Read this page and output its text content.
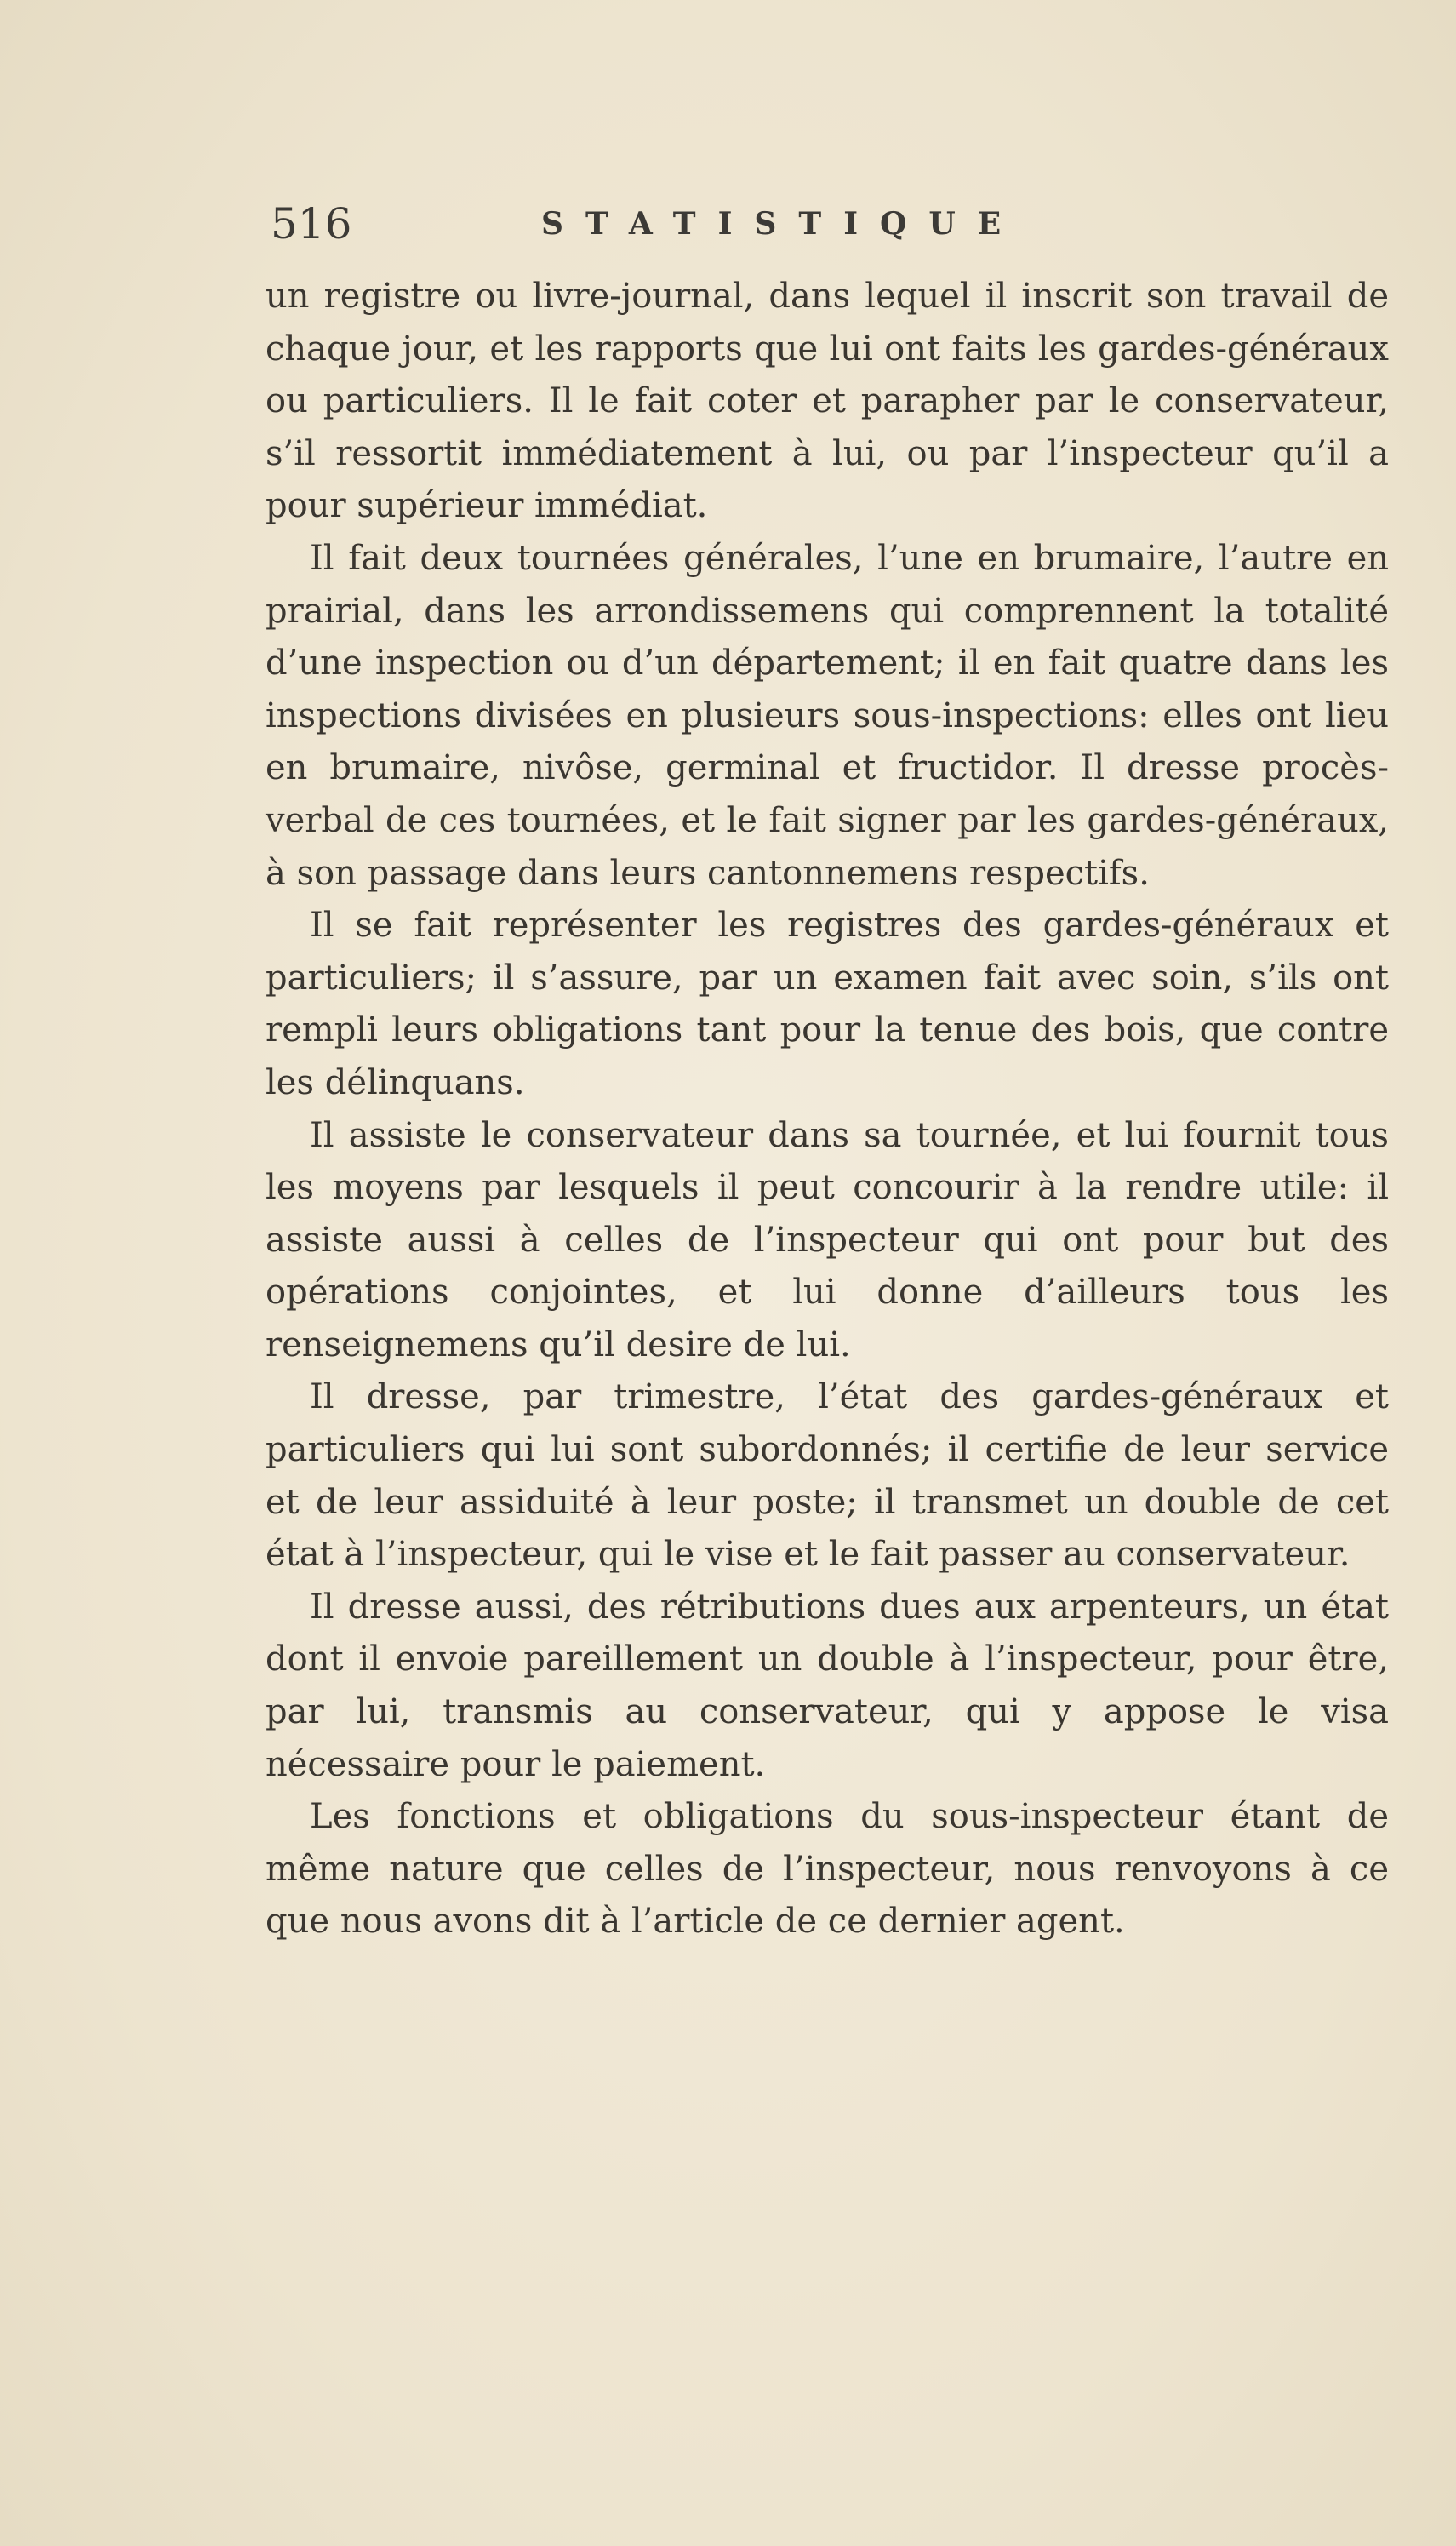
516	STATISTIQUE

un registre ou livre-journal, dans lequel il inscrit son travail de chaque jour, et les rapports que lui ont faits les gardes-généraux ou particuliers. Il le fait coter et parapher par le conservateur, s’il ressortit immédiatement à lui, ou par l’inspecteur qu’il a pour supérieur immédiat.

Il fait deux tournées générales, l’une en brumaire, l’autre en prairial, dans les arrondissemens qui comprennent la totalité d’une inspection ou d’un département; il en fait quatre dans les inspections divisées en plusieurs sous-inspections: elles ont lieu en brumaire, nivôse, germinal et fructidor. Il dresse procès-verbal de ces tournées, et le fait signer par les gardes-généraux, à son passage dans leurs cantonnemens respectifs.

Il se fait représenter les registres des gardes-généraux et particuliers; il s’assure, par un examen fait avec soin, s’ils ont rempli leurs obligations tant pour la tenue des bois, que contre les délinquans.

Il assiste le conservateur dans sa tournée, et lui fournit tous les moyens par lesquels il peut concourir à la rendre utile: il assiste aussi à celles de l’inspecteur qui ont pour but des opérations conjointes, et lui donne d’ailleurs tous les renseignemens qu’il desire de lui.

Il dresse, par trimestre, l’état des gardes-généraux et particuliers qui lui sont subordonnés; il certifie de leur service et de leur assiduité à leur poste; il transmet un double de cet état à l’inspecteur, qui le vise et le fait passer au conservateur.

Il dresse aussi, des rétributions dues aux arpenteurs, un état dont il envoie pareillement un double à l’inspecteur, pour être, par lui, transmis au conservateur, qui y appose le visa nécessaire pour le paiement.

Les fonctions et obligations du sous-inspecteur étant de même nature que celles de l’inspecteur, nous renvoyons à ce que nous avons dit à l’article de ce dernier agent.
